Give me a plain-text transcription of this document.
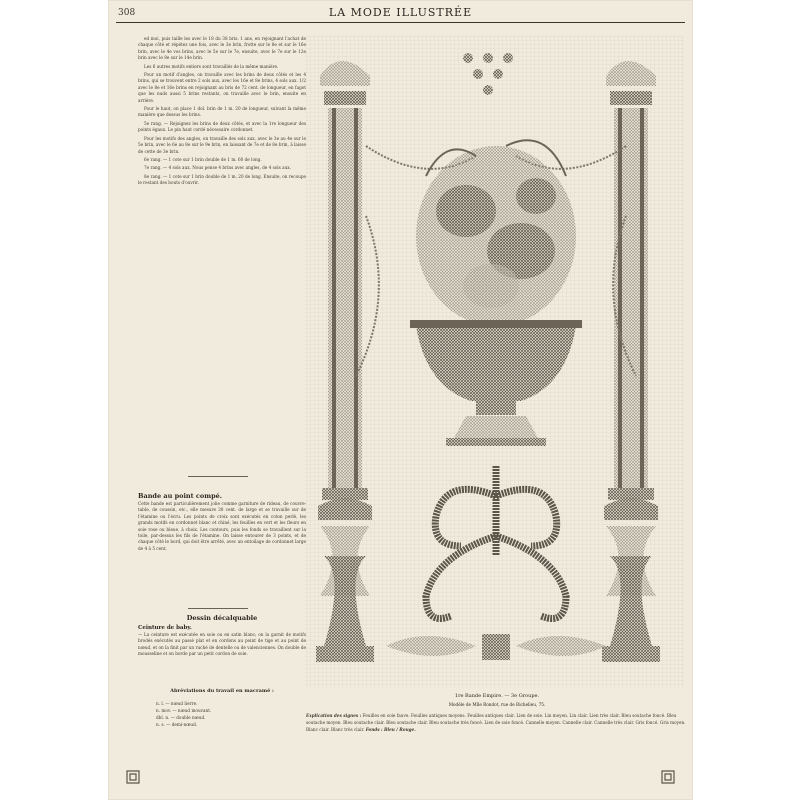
308	LA MODE ILLUSTRÉE

ed moi, puis taille les avec le 18 du 38 bris. 1 ans, en rejoignant l'achat de chaque côté et répétez une fois, avec le 3e brin, frotte sur le 8e et sur le 16e brin, avec le 4e vos brins, avec le 5e sur le 7e, ensuite, avec le 7e sur le 12e brin avec le 8e sur le 14e brin.

Les 6 autres motifs entiers sont travaillés de la même manière.

Pour un motif d'angles, on travaille avec les brins de deux côtés et les 4 brins, qui se trouvent entre 2 sols aux, avec les 16e et 8e brins, 4 sols aux. 1/2 avec le 8e et 16e brins en rejoignant au bris de 72 cent. de longueur, en fagot que les nuds aussi 5 brins restants, on travaille avec le brin, ensuite en arrière.

Pour le haut, on place 1 dol. brin de 1 m. 20 de longueur, suivant la même manière que dessus les brins.

5e rang. — Rejoignez les brins de deux côtés, et avec la 1re longueur des points égaux. Le pin haut cordé nécessaire cordonnet.

Pour les motifs des angles, on travaille des sols aux, avec le 3e au 4e sur le 5e brin, avec le 6e au 8e sur le 9e brin, en laissant de 7e et de 8e brin, à laisse de cette de 3e brin.

6e rang. — 1 cote sur 1 brin double de 1 m. 60 de long.

7e rang. — 4 sols aux. Nous pense 4 brins avec angles, de 4 sols aux.

8e rang. — 1 cote sur 1 brin double de 1 m. 20 de long. Ensuite, on recoupe le restant des bouts d'ouvrir.

Bande au point compé.
Cette bande est particulièrement jolie comme garniture de rideau, de couvre-table, de coussin, etc., elle mesure 30 cent. de large et se travaille sur de l'étamine ou l'écru. Les points de croix sont exécutés en coton perlé, les grands motifs en cordonnet blanc et chiné, les feuilles en vert et les fleurs en soie rose ou bleue, à choix. Les contours, puis les fonds se travaillent sur la toile, par-dessus les fils de l'étamine. On laisse entourer de 3 points, et de chaque côté le bord, qui doit être arrêté, avec un entoilage de cordonnet large de 4 à 5 cent.
Dessin décalquable
Ceinture de baby.
— La ceinture est exécutée en soie ou en satin blanc; on la garnit de motifs brodés exécutés au passé plat et en cordons au point de tige et au point de nœud, et on la finit par un ruché de dentelle ou de valenciennes. On double de mousseline et on borde par un petit cordon de soie.
Abréviations du travail en macramé :
n. l. — nœud lierre.
n. mov. — nœud mouvant.
dbl. n. — double nœud.
n. s. — demi-nœud.
1re Bande Empire. — 3e Groupe.
Modèle de Mlle Rondot, rue de Richelieu, 75.
Explication des signes : Feuilles en soie fauve. Feuilles antiques moyens. Feuilles antiques clair. Lien de soie. Lin moyen. Lin clair. Lien très clair. Bleu soutache foncé. Bleu soutache moyen. Bleu soutache clair. Bleu soutache clair. Bleu soutache très foncé. Lien de soie foncé. Cannelle moyen. Cannelle clair. Cannelle très clair. Gris foncé. Gris moyen. Blanc clair. Blanc très clair. Fonds : Bleu / Rouge.
